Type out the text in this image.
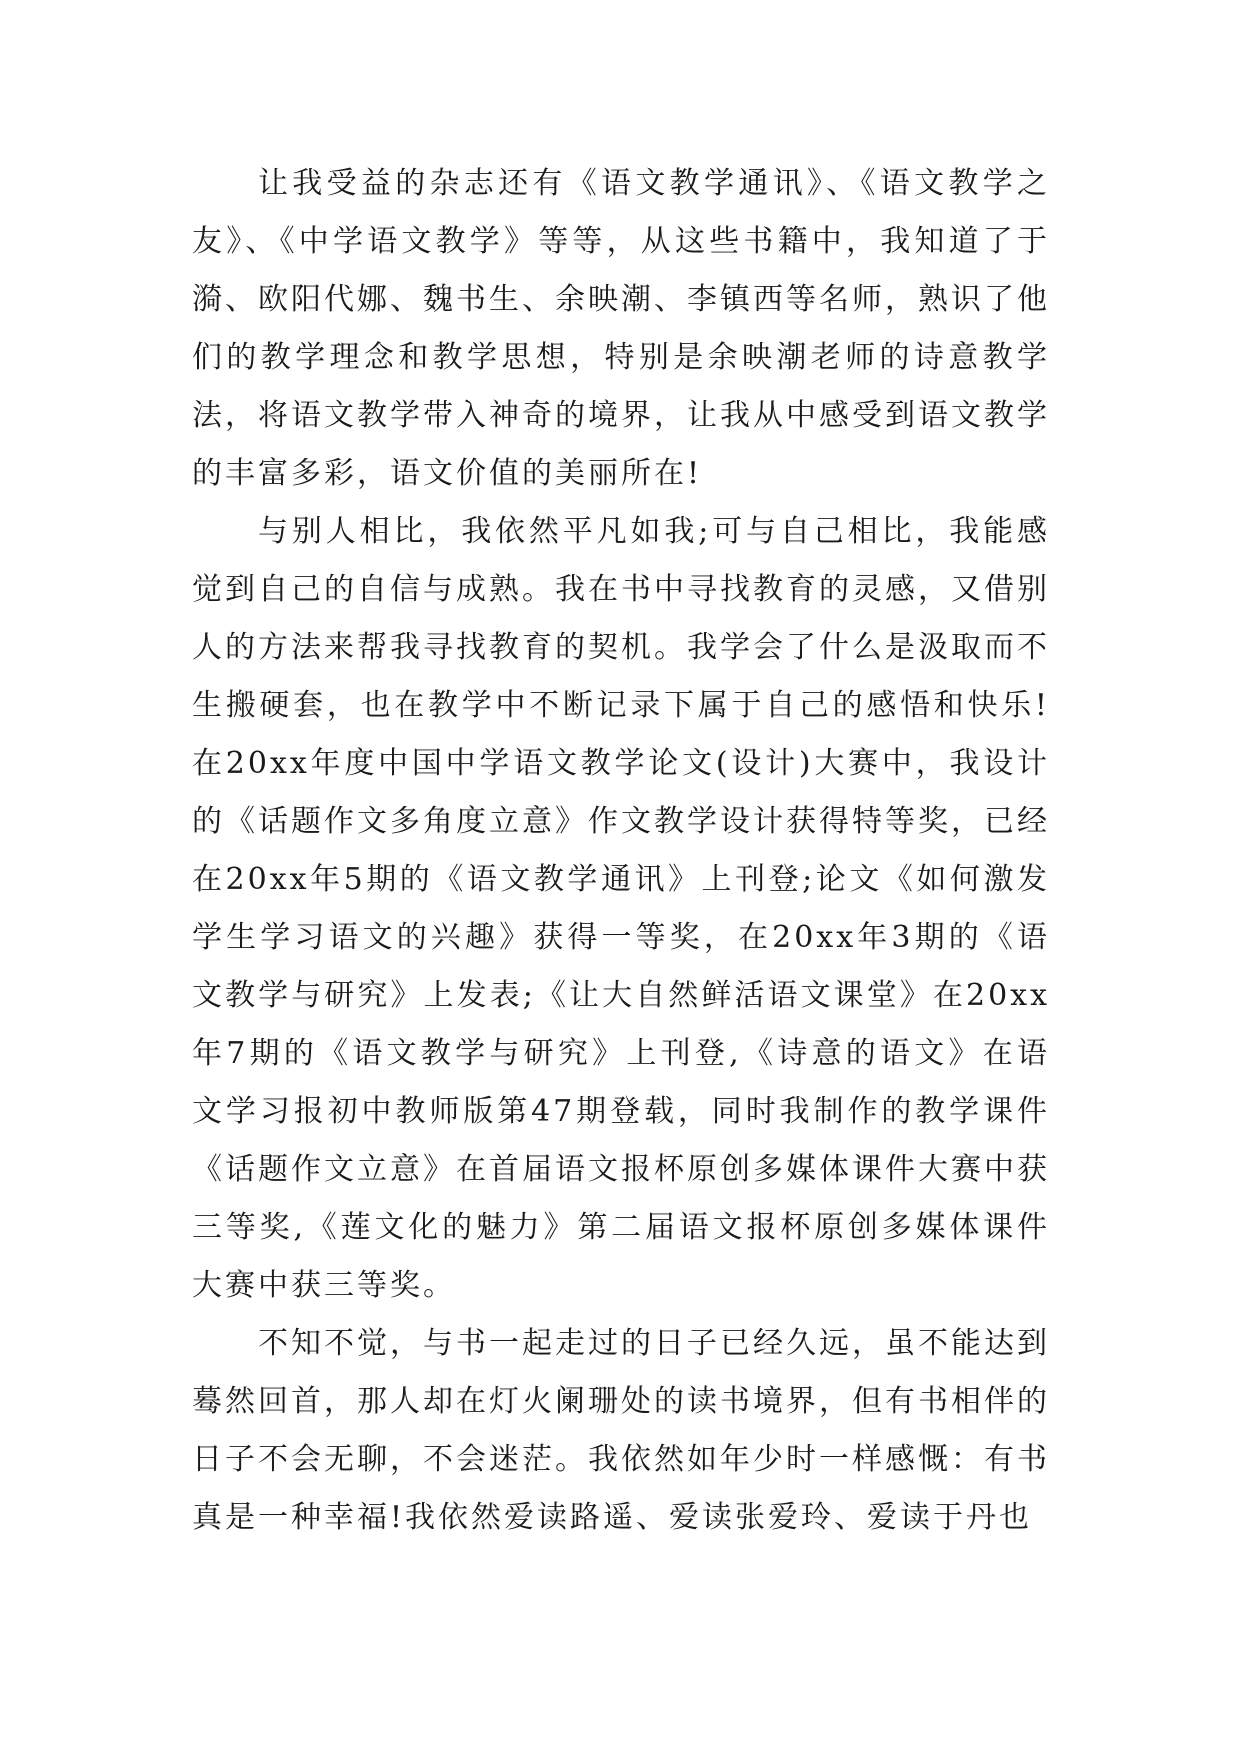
让我受益的杂志还有《语文教学通讯》、《语文教学之友》、《中学语文教学》等等，从这些书籍中，我知道了于漪、欧阳代娜、魏书生、余映潮、李镇西等名师，熟识了他们的教学理念和教学思想，特别是余映潮老师的诗意教学法，将语文教学带入神奇的境界，让我从中感受到语文教学的丰富多彩，语文价值的美丽所在!

与别人相比，我依然平凡如我;可与自己相比，我能感觉到自己的自信与成熟。我在书中寻找教育的灵感，又借别人的方法来帮我寻找教育的契机。我学会了什么是汲取而不生搬硬套，也在教学中不断记录下属于自己的感悟和快乐!在20xx年度中国中学语文教学论文(设计)大赛中，我设计的《话题作文多角度立意》作文教学设计获得特等奖，已经在20xx年5期的《语文教学通讯》上刊登;论文《如何激发学生学习语文的兴趣》获得一等奖，在20xx年3期的《语文教学与研究》上发表;《让大自然鲜活语文课堂》在20xx年7期的《语文教学与研究》上刊登,《诗意的语文》在语文学习报初中教师版第47期登载，同时我制作的教学课件《话题作文立意》在首届语文报杯原创多媒体课件大赛中获三等奖,《莲文化的魅力》第二届语文报杯原创多媒体课件大赛中获三等奖。

不知不觉，与书一起走过的日子已经久远，虽不能达到蓦然回首，那人却在灯火阑珊处的读书境界，但有书相伴的日子不会无聊，不会迷茫。我依然如年少时一样感慨：有书真是一种幸福!我依然爱读路遥、爱读张爱玲、爱读于丹也
